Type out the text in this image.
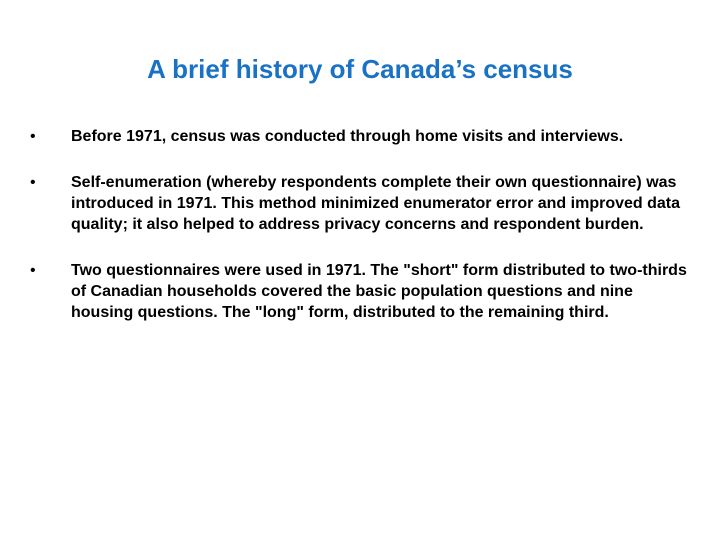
A brief history of Canada’s census
•	Before 1971, census was conducted through home visits and interviews.
•	Self-enumeration (whereby respondents complete their own questionnaire) was introduced in 1971. This method minimized enumerator error and improved data quality; it also helped to address privacy concerns and respondent burden.
•	Two questionnaires were used in 1971. The "short" form distributed to two-thirds of Canadian households covered the basic population questions and nine housing questions. The "long" form, distributed to the remaining third.
